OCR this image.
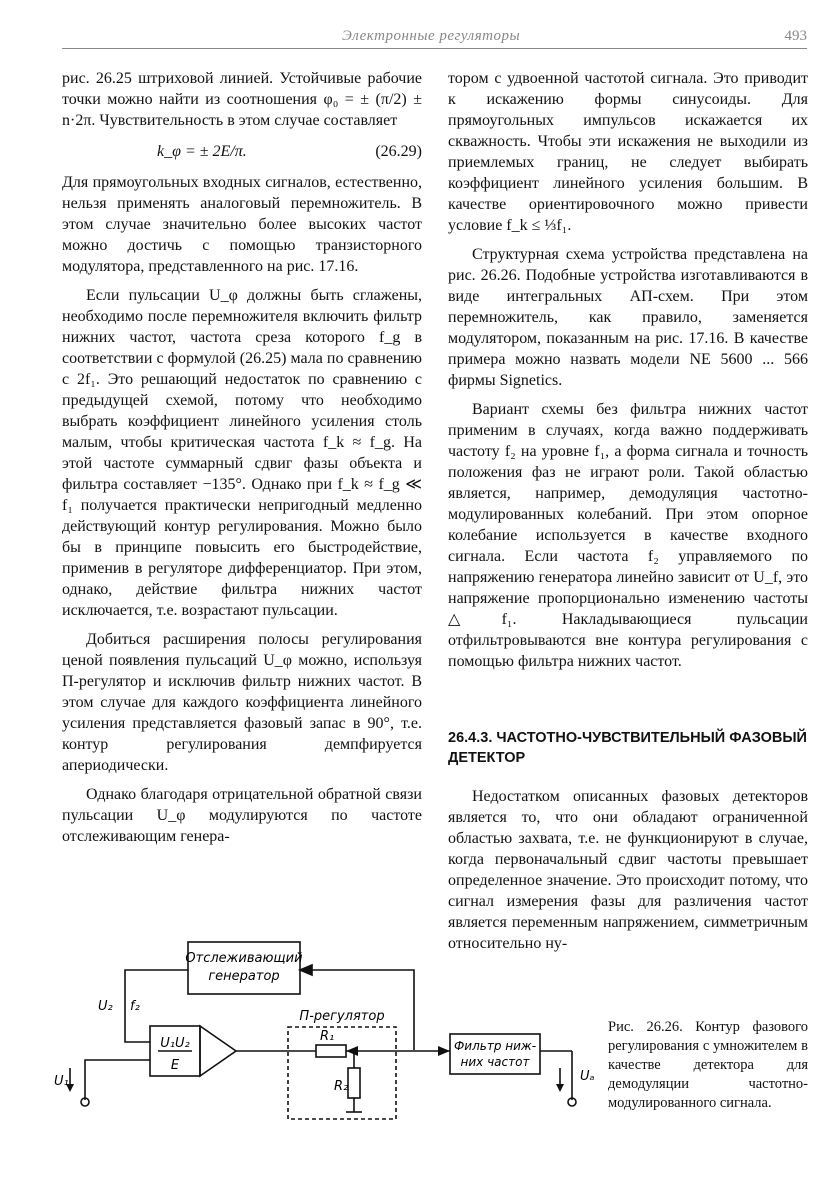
Электронные регуляторы	493

рис. 26.25 штриховой линией. Устойчивые рабочие точки можно найти из соотношения φ₀ = ± (π/2) ± n·2π. Чувствительность в этом случае составляет

k_φ = ± 2E/π.	(26.29)

Для прямоугольных входных сигналов, естественно, нельзя применять аналоговый перемножитель. В этом случае значительно более высоких частот можно достичь с помощью транзисторного модулятора, представленного на рис. 17.16.

Если пульсации U_φ должны быть сглажены, необходимо после перемножителя включить фильтр нижних частот, частота среза которого f_g в соответствии с формулой (26.25) мала по сравнению с 2f₁. Это решающий недостаток по сравнению с предыдущей схемой, потому что необходимо выбрать коэффициент линейного усиления столь малым, чтобы критическая частота f_k ≈ f_g. На этой частоте суммарный сдвиг фазы объекта и фильтра составляет −135°. Однако при f_k ≈ f_g ≪ f₁ получается практически непригодный медленно действующий контур регулирования. Можно было бы в принципе повысить его быстродействие, применив в регуляторе дифференциатор. При этом, однако, действие фильтра нижних частот исключается, т.е. возрастают пульсации.

Добиться расширения полосы регулирования ценой появления пульсаций U_φ можно, используя П-регулятор и исключив фильтр нижних частот. В этом случае для каждого коэффициента линейного усиления представляется фазовый запас в 90°, т.е. контур регулирования демпфируется апериодически.

Однако благодаря отрицательной обратной связи пульсации U_φ модулируются по частоте отслеживающим генера-

тором с удвоенной частотой сигнала. Это приводит к искажению формы синусоиды. Для прямоугольных импульсов искажается их скважность. Чтобы эти искажения не выходили из приемлемых границ, не следует выбирать коэффициент линейного усиления большим. В качестве ориентировочного можно привести условие f_k ≤ ⅓f₁.

Структурная схема устройства представлена на рис. 26.26. Подобные устройства изготавливаются в виде интегральных АП-схем. При этом перемножитель, как правило, заменяется модулятором, показанным на рис. 17.16. В качестве примера можно назвать модели NE 5600 ... 566 фирмы Signetics.

Вариант схемы без фильтра нижних частот применим в случаях, когда важно поддерживать частоту f₂ на уровне f₁, а форма сигнала и точность положения фаз не играют роли. Такой областью является, например, демодуляция частотно-модулированных колебаний. При этом опорное колебание используется в качестве входного сигнала. Если частота f₂ управляемого по напряжению генератора линейно зависит от U_f, это напряжение пропорционально изменению частоты △f₁. Накладывающиеся пульсации отфильтровываются вне контура регулирования с помощью фильтра нижних частот.

26.4.3. ЧАСТОТНО-ЧУВСТВИТЕЛЬНЫЙ ФАЗОВЫЙ ДЕТЕКТОР

Недостатком описанных фазовых детекторов является то, что они обладают ограниченной областью захвата, т.е. не функционируют в случае, когда первоначальный сдвиг частоты превышает определенное значение. Это происходит потому, что сигнал измерения фазы для различения частот является переменным напряжением, симметричным относительно ну-

Отслеживающий
генератор
U₁U₂
E
П-регулятор
R₁
R₂
Фильтр ниж-
них частот
U₂ f₂
U₁	Uₐ
Рис. 26.26. Контур фазового регулирования с умножителем в качестве детектора для демодуляции частотно-модулированного сигнала.
